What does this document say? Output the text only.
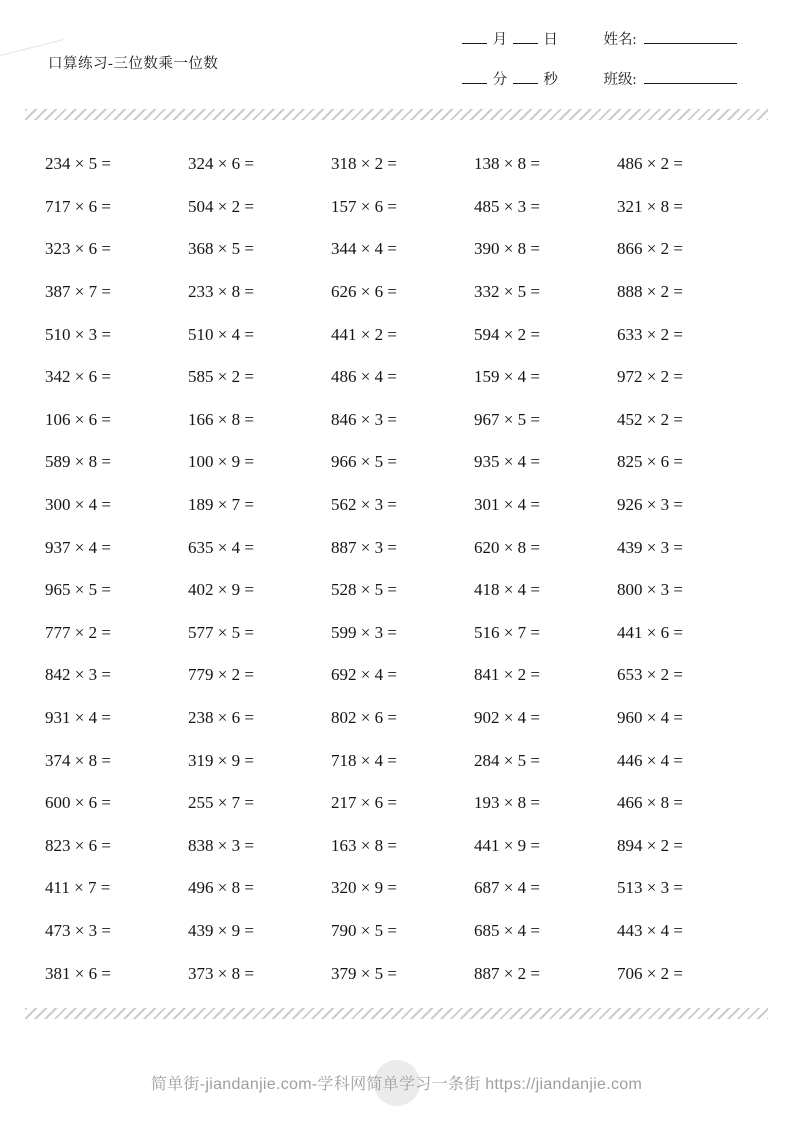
口算练习-三位数乘一位数
月	日	姓名:
分	秒	班级:
234 × 5 =	324 × 6 =	318 × 2 =	138 × 8 =	486 × 2 =
717 × 6 =	504 × 2 =	157 × 6 =	485 × 3 =	321 × 8 =
323 × 6 =	368 × 5 =	344 × 4 =	390 × 8 =	866 × 2 =
387 × 7 =	233 × 8 =	626 × 6 =	332 × 5 =	888 × 2 =
510 × 3 =	510 × 4 =	441 × 2 =	594 × 2 =	633 × 2 =
342 × 6 =	585 × 2 =	486 × 4 =	159 × 4 =	972 × 2 =
106 × 6 =	166 × 8 =	846 × 3 =	967 × 5 =	452 × 2 =
589 × 8 =	100 × 9 =	966 × 5 =	935 × 4 =	825 × 6 =
300 × 4 =	189 × 7 =	562 × 3 =	301 × 4 =	926 × 3 =
937 × 4 =	635 × 4 =	887 × 3 =	620 × 8 =	439 × 3 =
965 × 5 =	402 × 9 =	528 × 5 =	418 × 4 =	800 × 3 =
777 × 2 =	577 × 5 =	599 × 3 =	516 × 7 =	441 × 6 =
842 × 3 =	779 × 2 =	692 × 4 =	841 × 2 =	653 × 2 =
931 × 4 =	238 × 6 =	802 × 6 =	902 × 4 =	960 × 4 =
374 × 8 =	319 × 9 =	718 × 4 =	284 × 5 =	446 × 4 =
600 × 6 =	255 × 7 =	217 × 6 =	193 × 8 =	466 × 8 =
823 × 6 =	838 × 3 =	163 × 8 =	441 × 9 =	894 × 2 =
411 × 7 =	496 × 8 =	320 × 9 =	687 × 4 =	513 × 3 =
473 × 3 =	439 × 9 =	790 × 5 =	685 × 4 =	443 × 4 =
381 × 6 =	373 × 8 =	379 × 5 =	887 × 2 =	706 × 2 =
简单街-jiandanjie.com-学科网简单学习一条街 https://jiandanjie.com
